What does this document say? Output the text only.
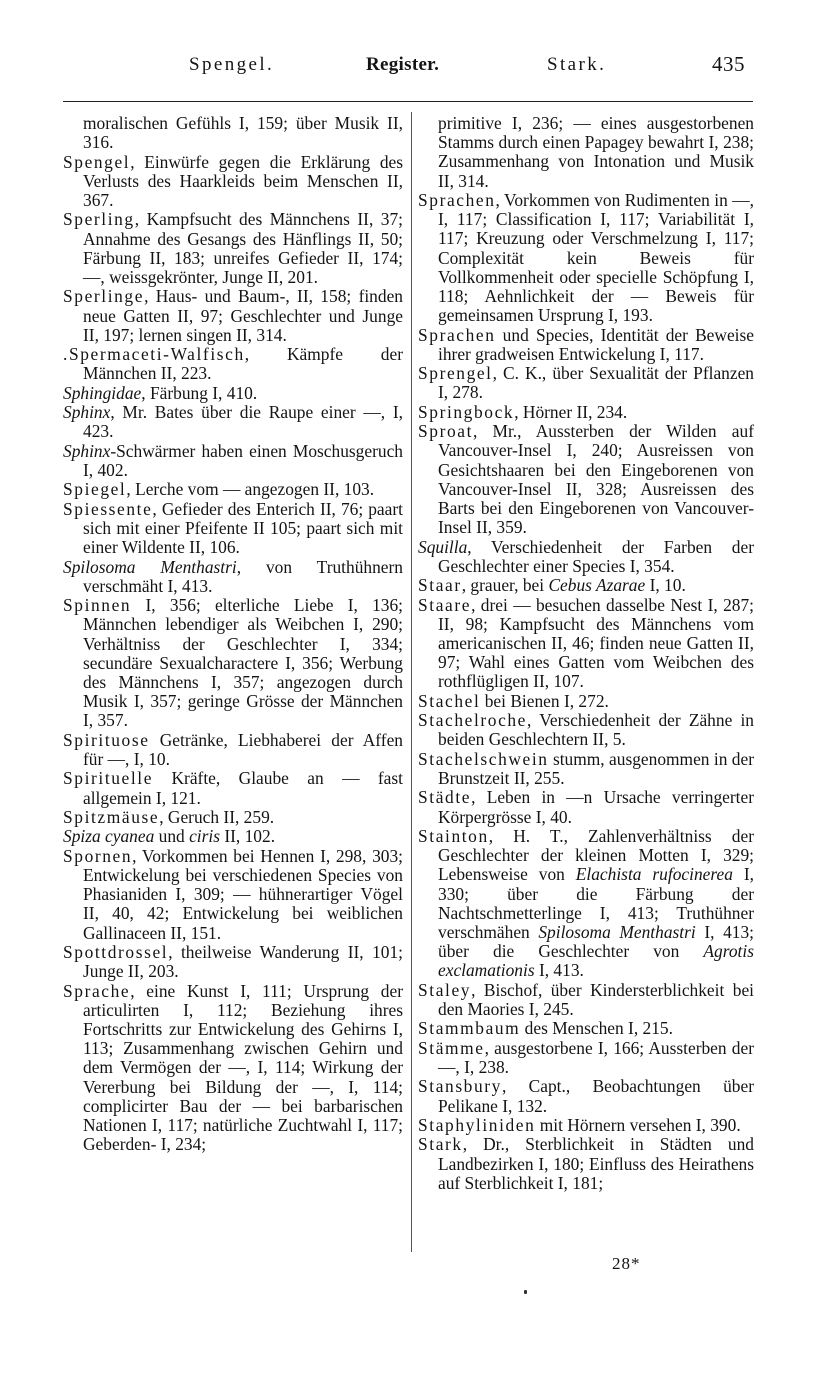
Spengel.	Register.	Stark.	435

moralischen Gefühls I, 159; über Musik II, 316.

Spengel, Einwürfe gegen die Erklärung des Verlusts des Haarkleids beim Menschen II, 367.

Sperling, Kampfsucht des Männchens II, 37; Annahme des Gesangs des Hänflings II, 50; Färbung II, 183; unreifes Gefieder II, 174; —, weissgekrönter, Junge II, 201.

Sperlinge, Haus- und Baum-, II, 158; finden neue Gatten II, 97; Geschlechter und Junge II, 197; lernen singen II, 314.

.Spermaceti-Walfisch, Kämpfe der Männchen II, 223.

Sphingidae, Färbung I, 410.

Sphinx, Mr. Bates über die Raupe einer —, I, 423.

Sphinx-Schwärmer haben einen Moschusgeruch I, 402.

Spiegel, Lerche vom — angezogen II, 103.

Spiessente, Gefieder des Enterich II, 76; paart sich mit einer Pfeifente II 105; paart sich mit einer Wildente II, 106.

Spilosoma Menthastri, von Truthühnern verschmäht I, 413.

Spinnen I, 356; elterliche Liebe I, 136; Männchen lebendiger als Weibchen I, 290; Verhältniss der Geschlechter I, 334; secundäre Sexualcharactere I, 356; Werbung des Männchens I, 357; angezogen durch Musik I, 357; geringe Grösse der Männchen I, 357.

Spirituose Getränke, Liebhaberei der Affen für —, I, 10.

Spirituelle Kräfte, Glaube an — fast allgemein I, 121.

Spitzmäuse, Geruch II, 259.

Spiza cyanea und ciris II, 102.

Spornen, Vorkommen bei Hennen I, 298, 303; Entwickelung bei verschiedenen Species von Phasianiden I, 309; — hühnerartiger Vögel II, 40, 42; Entwickelung bei weiblichen Gallinaceen II, 151.

Spottdrossel, theilweise Wanderung II, 101; Junge II, 203.

Sprache, eine Kunst I, 111; Ursprung der articulirten I, 112; Beziehung ihres Fortschritts zur Entwickelung des Gehirns I, 113; Zusammenhang zwischen Gehirn und dem Vermögen der —, I, 114; Wirkung der Vererbung bei Bildung der —, I, 114; complicirter Bau der — bei barbarischen Nationen I, 117; natürliche Zuchtwahl I, 117; Geberden- I, 234;

primitive I, 236; — eines ausgestorbenen Stamms durch einen Papagey bewahrt I, 238; Zusammenhang von Intonation und Musik II, 314.

Sprachen, Vorkommen von Rudimenten in —, I, 117; Classification I, 117; Variabilität I, 117; Kreuzung oder Verschmelzung I, 117; Complexität kein Beweis für Vollkommenheit oder specielle Schöpfung I, 118; Aehnlichkeit der — Beweis für gemeinsamen Ursprung I, 193.

Sprachen und Species, Identität der Beweise ihrer gradweisen Entwickelung I, 117.

Sprengel, C. K., über Sexualität der Pflanzen I, 278.

Springbock, Hörner II, 234.

Sproat, Mr., Aussterben der Wilden auf Vancouver-Insel I, 240; Ausreissen von Gesichtshaaren bei den Eingeborenen von Vancouver-Insel II, 328; Ausreissen des Barts bei den Eingeborenen von Vancouver-Insel II, 359.

Squilla, Verschiedenheit der Farben der Geschlechter einer Species I, 354.

Staar, grauer, bei Cebus Azarae I, 10.

Staare, drei — besuchen dasselbe Nest I, 287; II, 98; Kampfsucht des Männchens vom americanischen II, 46; finden neue Gatten II, 97; Wahl eines Gatten vom Weibchen des rothflügligen II, 107.

Stachel bei Bienen I, 272.

Stachelroche, Verschiedenheit der Zähne in beiden Geschlechtern II, 5.

Stachelschwein stumm, ausgenommen in der Brunstzeit II, 255.

Städte, Leben in —n Ursache verringerter Körpergrösse I, 40.

Stainton, H. T., Zahlenverhältniss der Geschlechter der kleinen Motten I, 329; Lebensweise von Elachista rufocinerea I, 330; über die Färbung der Nachtschmetterlinge I, 413; Truthühner verschmähen Spilosoma Menthastri I, 413; über die Geschlechter von Agrotis exclamationis I, 413.

Staley, Bischof, über Kindersterblichkeit bei den Maories I, 245.

Stammbaum des Menschen I, 215.

Stämme, ausgestorbene I, 166; Aussterben der —, I, 238.

Stansbury, Capt., Beobachtungen über Pelikane I, 132.

Staphyliniden mit Hörnern versehen I, 390.

Stark, Dr., Sterblichkeit in Städten und Landbezirken I, 180; Einfluss des Heirathens auf Sterblichkeit I, 181;

28*
